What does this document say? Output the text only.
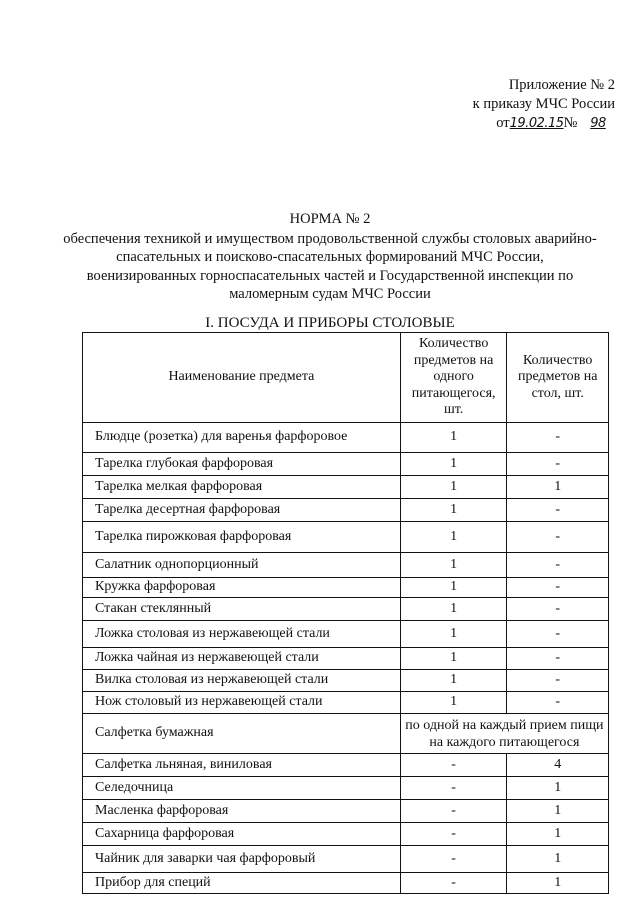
Приложение № 2
к приказу МЧС России
от19.02.15№ 98
НОРМА № 2
обеспечения техникой и имуществом продовольственной службы столовых аварийно-спасательных и поисково-спасательных формирований МЧС России, военизированных горноспасательных частей и Государственной инспекции по маломерным судам МЧС России
I. ПОСУДА И ПРИБОРЫ СТОЛОВЫЕ
Наименование предмета	Количество предметов на одного питающегося, шт.	Количество предметов на стол, шт.
Блюдце (розетка) для варенья фарфоровое	1	-
Тарелка глубокая фарфоровая	1	-
Тарелка мелкая фарфоровая	1	1
Тарелка десертная фарфоровая	1	-
Тарелка пирожковая фарфоровая	1	-
Салатник однопорционный	1	-
Кружка фарфоровая	1	-
Стакан стеклянный	1	-
Ложка столовая из нержавеющей стали	1	-
Ложка чайная из нержавеющей стали	1	-
Вилка столовая из нержавеющей стали	1	-
Нож столовый из нержавеющей стали	1	-
Салфетка бумажная	по одной на каждый прием пищи на каждого питающегося	
Салфетка льняная, виниловая	-	4
Селедочница	-	1
Масленка фарфоровая	-	1
Сахарница фарфоровая	-	1
Чайник для заварки чая фарфоровый	-	1
Прибор для специй	-	1
